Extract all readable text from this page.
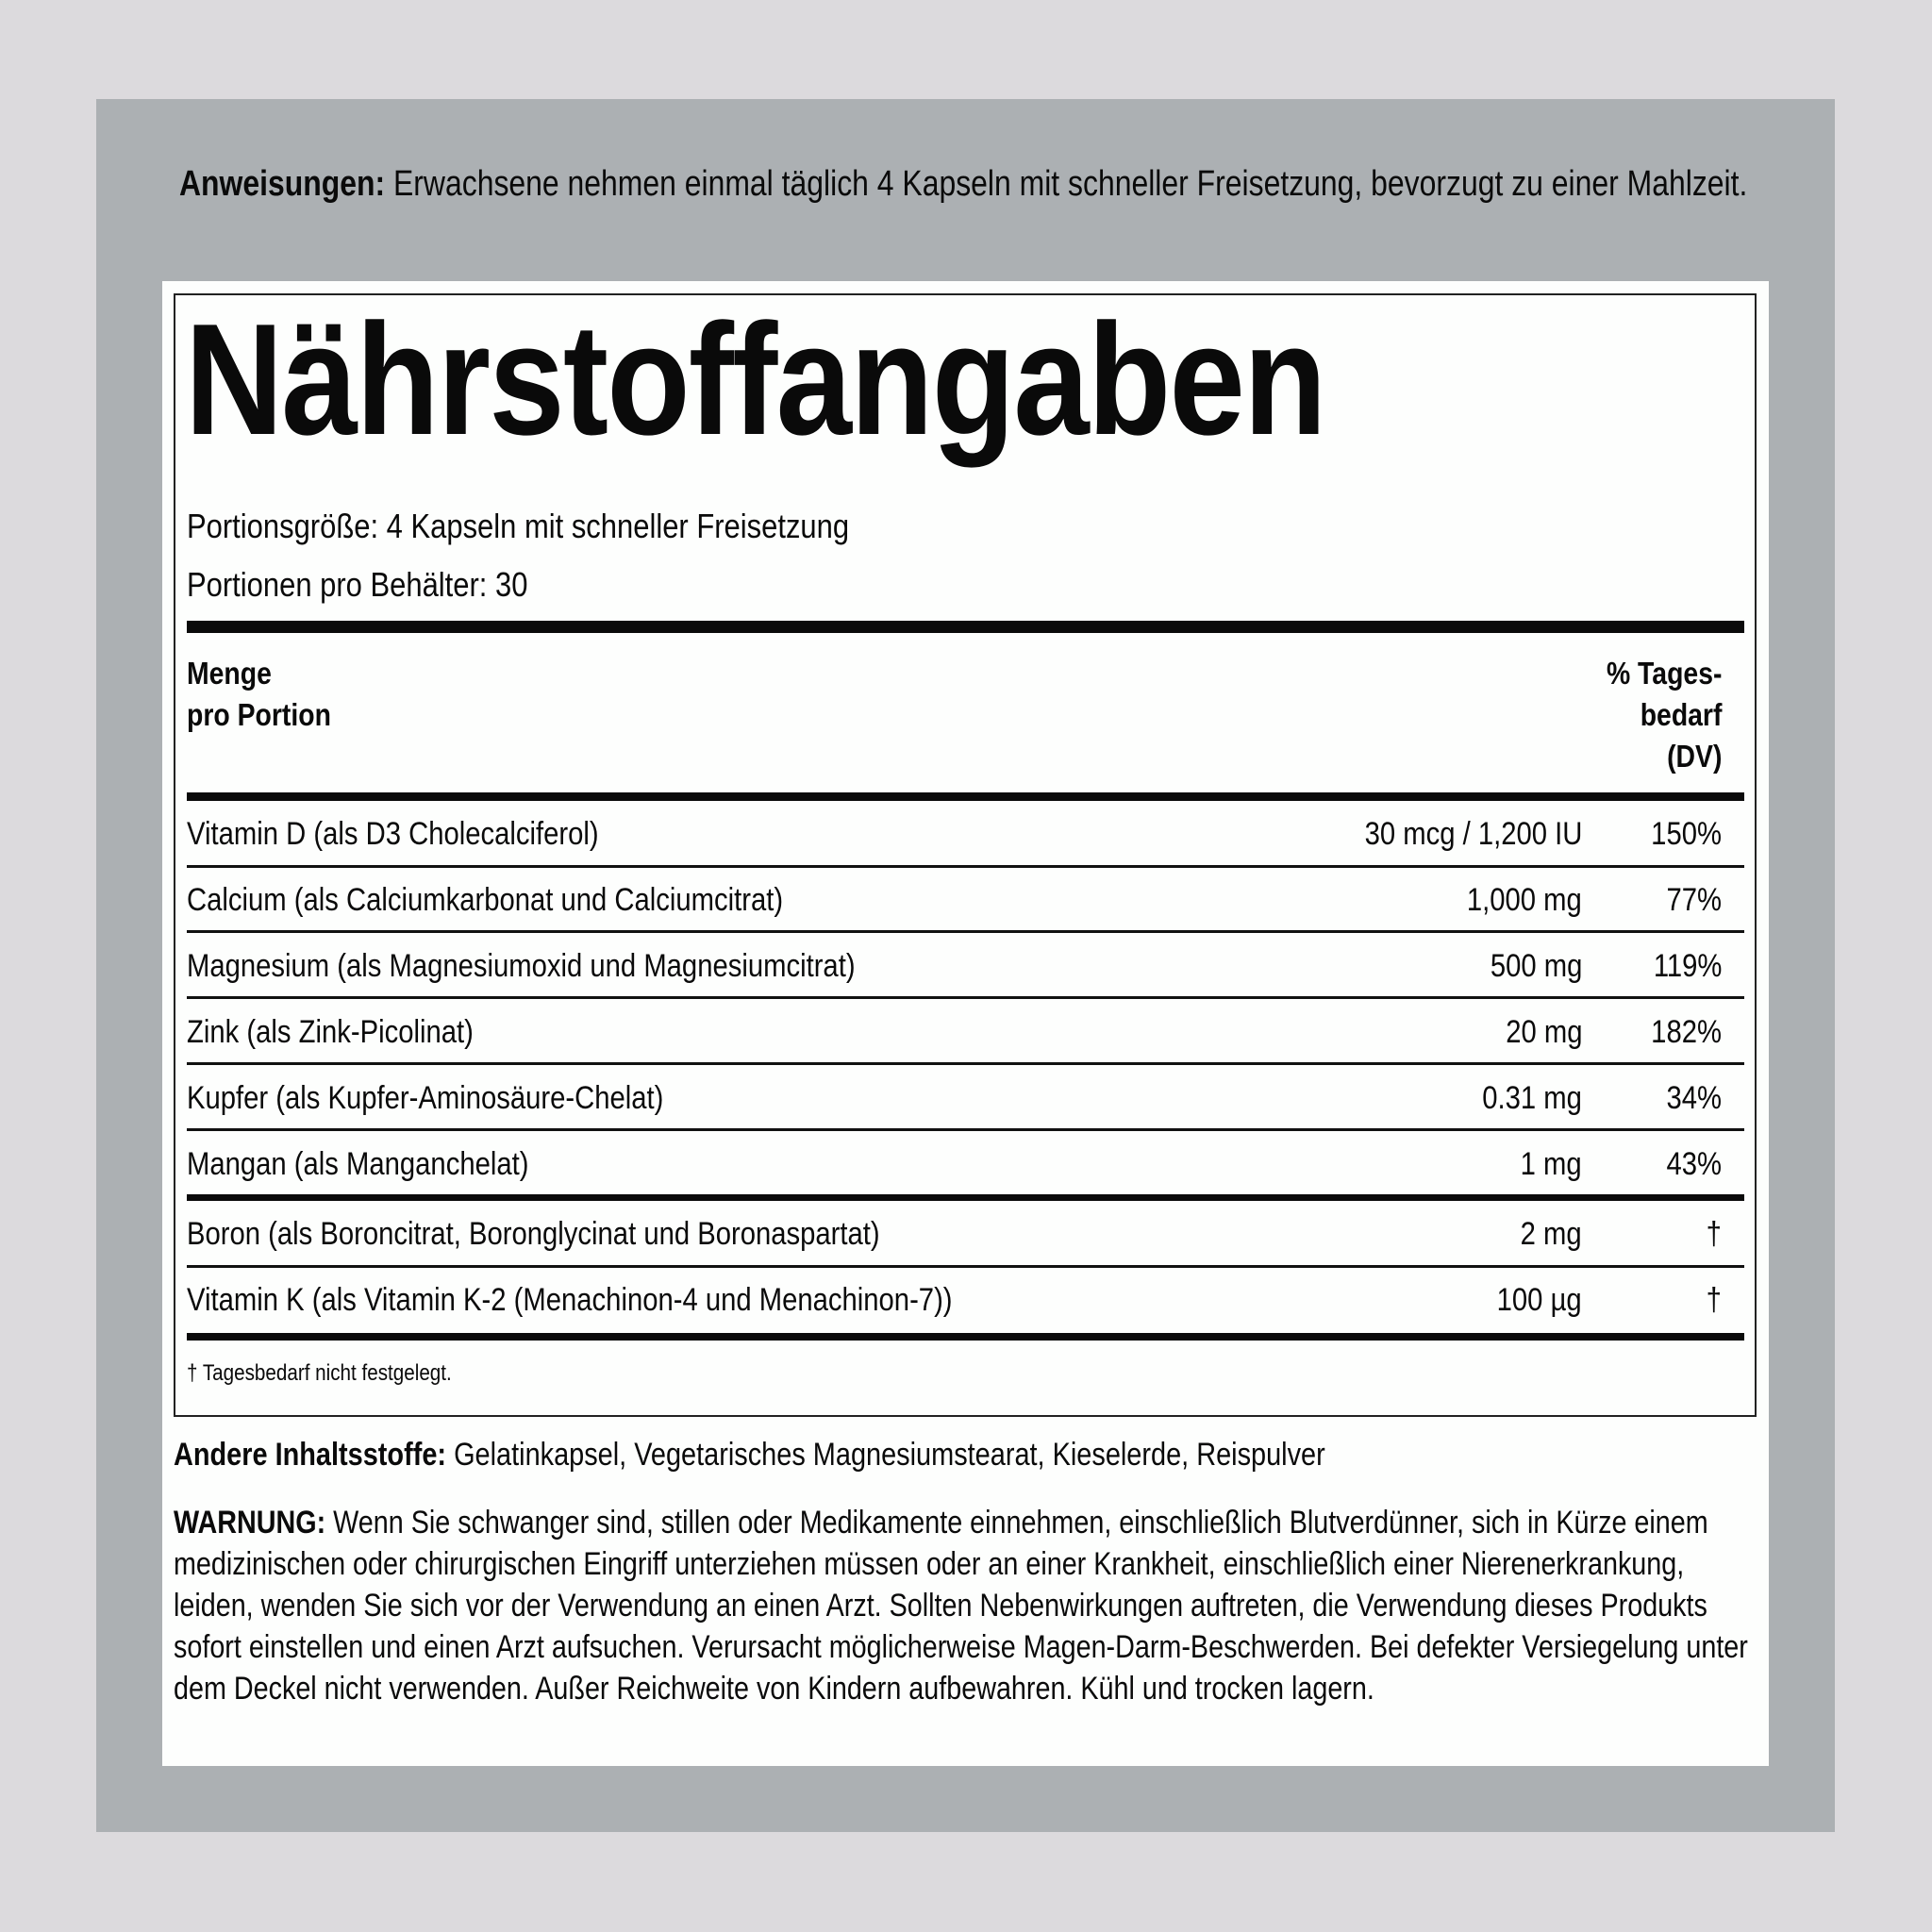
Anweisungen: Erwachsene nehmen einmal täglich 4 Kapseln mit schneller Freisetzung, bevorzugt zu einer Mahlzeit.
Nährstoffangaben
Portionsgröße: 4 Kapseln mit schneller Freisetzung
Portionen pro Behälter: 30
Menge
pro Portion
% Tages-
bedarf
(DV)
Vitamin D (als D3 Cholecalciferol)	30 mcg / 1,200 IU 150%
Calcium (als Calciumkarbonat und Calciumcitrat)	1,000 mg	77%
Magnesium (als Magnesiumoxid und Magnesiumcitrat)	500 mg 119%
Zink (als Zink-Picolinat)	20 mg 182%
Kupfer (als Kupfer-Aminosäure-Chelat)	0.31 mg	34%
Mangan (als Manganchelat)	1 mg	43%
Boron (als Boroncitrat, Boronglycinat und Boronaspartat)	2 mg	†
Vitamin K (als Vitamin K-2 (Menachinon-4 und Menachinon-7))	100 µg	†
† Tagesbedarf nicht festgelegt.
Andere Inhaltsstoffe: Gelatinkapsel, Vegetarisches Magnesiumstearat, Kieselerde, Reispulver
WARNUNG: Wenn Sie schwanger sind, stillen oder Medikamente einnehmen, einschließlich Blutverdünner, sich in Kürze einem medizinischen oder chirurgischen Eingriff unterziehen müssen oder an einer Krankheit, einschließlich einer Nierenerkrankung, leiden, wenden Sie sich vor der Verwendung an einen Arzt. Sollten Nebenwirkungen auftreten, die Verwendung dieses Produkts sofort einstellen und einen Arzt aufsuchen. Verursacht möglicherweise Magen-Darm-Beschwerden. Bei defekter Versiegelung unter dem Deckel nicht verwenden. Außer Reichweite von Kindern aufbewahren. Kühl und trocken lagern.
